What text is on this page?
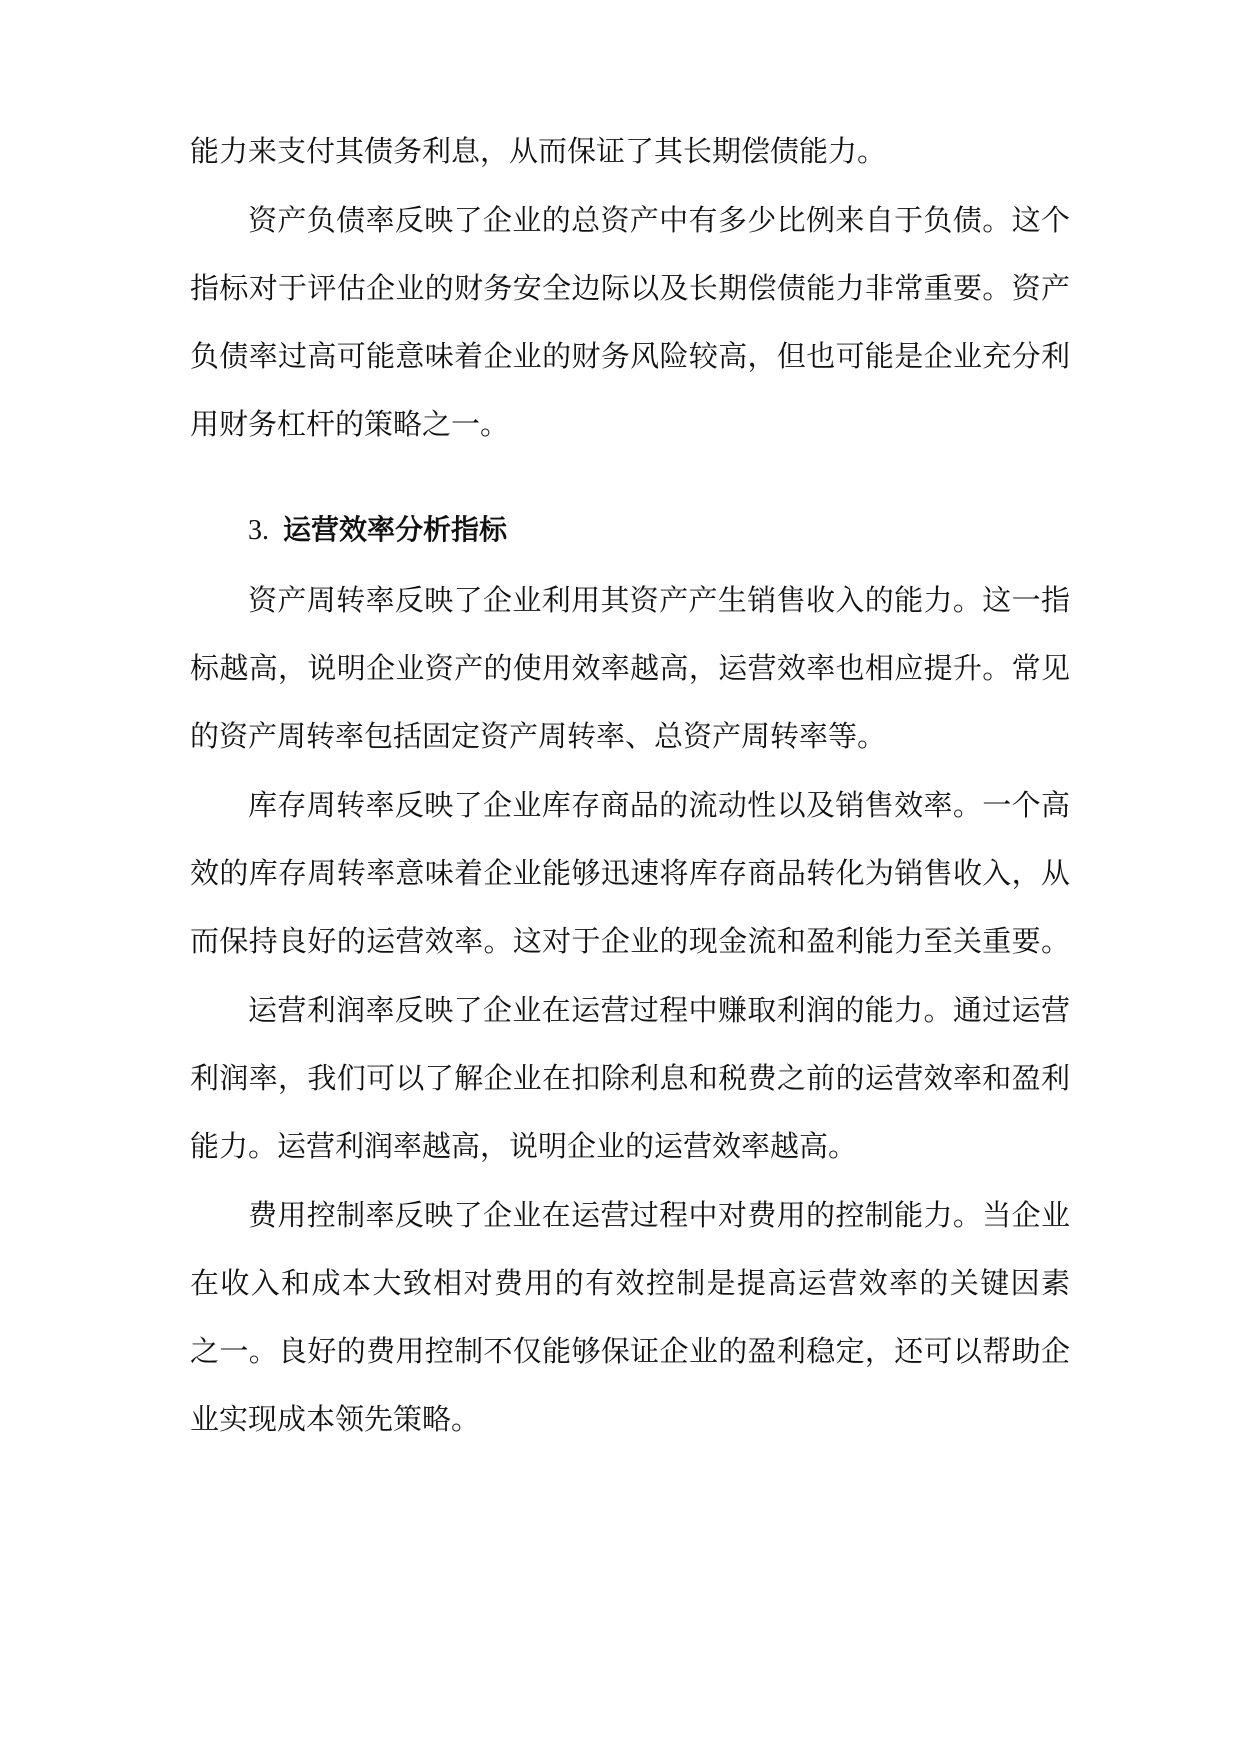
能力来支付其债务利息，从而保证了其长期偿债能力。
资产负债率反映了企业的总资产中有多少比例来自于负债。这个
指标对于评估企业的财务安全边际以及长期偿债能力非常重要。资产
负债率过高可能意味着企业的财务风险较高，但也可能是企业充分利
用财务杠杆的策略之一。
3. 运营效率分析指标
资产周转率反映了企业利用其资产产生销售收入的能力。这一指
标越高，说明企业资产的使用效率越高，运营效率也相应提升。常见
的资产周转率包括固定资产周转率、总资产周转率等。
库存周转率反映了企业库存商品的流动性以及销售效率。一个高
效的库存周转率意味着企业能够迅速将库存商品转化为销售收入，从
而保持良好的运营效率。这对于企业的现金流和盈利能力至关重要。
运营利润率反映了企业在运营过程中赚取利润的能力。通过运营
利润率，我们可以了解企业在扣除利息和税费之前的运营效率和盈利
能力。运营利润率越高，说明企业的运营效率越高。
费用控制率反映了企业在运营过程中对费用的控制能力。当企业
在收入和成本大致相对费用的有效控制是提高运营效率的关键因素
之一。良好的费用控制不仅能够保证企业的盈利稳定，还可以帮助企
业实现成本领先策略。
